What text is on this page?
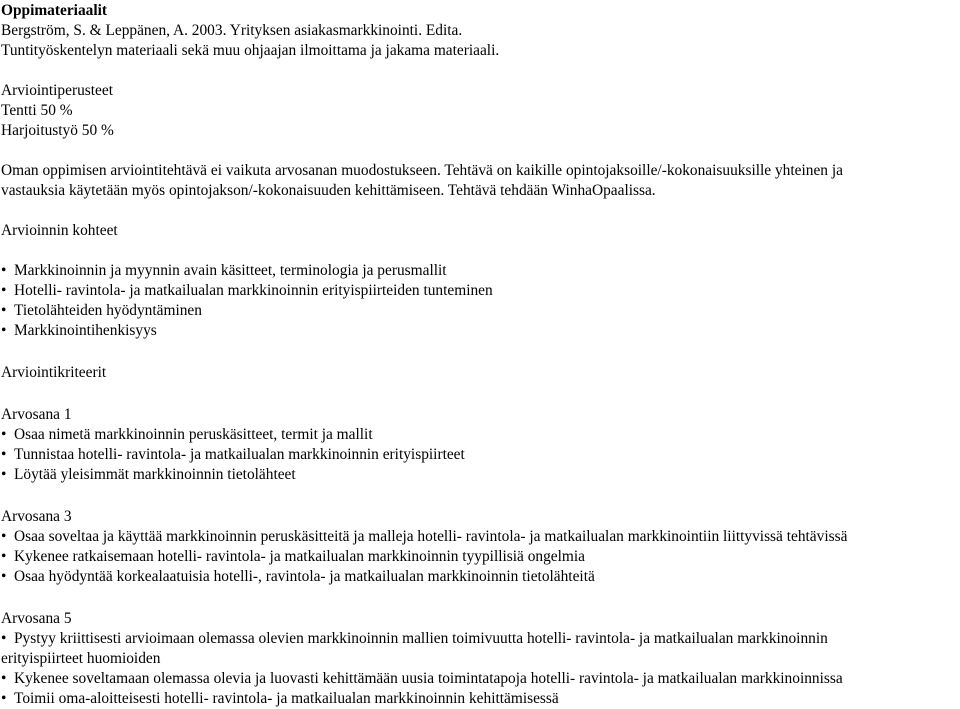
Oppimateriaalit
Bergström, S. & Leppänen, A. 2003. Yrityksen asiakasmarkkinointi. Edita.
Tuntityöskentelyn materiaali sekä muu ohjaajan ilmoittama ja jakama materiaali.
Arviointiperusteet
Tentti 50 %
Harjoitustyö 50 %
Oman oppimisen arviointitehtävä ei vaikuta arvosanan muodostukseen. Tehtävä on kaikille opintojaksoille/-kokonaisuuksille yhteinen ja
vastauksia käytetään myös opintojakson/-kokonaisuuden kehittämiseen. Tehtävä tehdään WinhaOpaalissa.
Arvioinnin kohteet
• Markkinoinnin ja myynnin avain käsitteet, terminologia ja perusmallit
• Hotelli- ravintola- ja matkailualan markkinoinnin erityispiirteiden tunteminen
• Tietolähteiden hyödyntäminen
• Markkinointihenkisyys
Arviointikriteerit
Arvosana 1
• Osaa nimetä markkinoinnin peruskäsitteet, termit ja mallit
• Tunnistaa hotelli- ravintola- ja matkailualan markkinoinnin erityispiirteet
• Löytää yleisimmät markkinoinnin tietolähteet
Arvosana 3
• Osaa soveltaa ja käyttää markkinoinnin peruskäsitteitä ja malleja hotelli- ravintola- ja matkailualan markkinointiin liittyvissä tehtävissä
• Kykenee ratkaisemaan hotelli- ravintola- ja matkailualan markkinoinnin tyypillisiä ongelmia
• Osaa hyödyntää korkealaatuisia hotelli-, ravintola- ja matkailualan markkinoinnin tietolähteitä
Arvosana 5
• Pystyy kriittisesti arvioimaan olemassa olevien markkinoinnin mallien toimivuutta hotelli- ravintola- ja matkailualan markkinoinnin
erityispiirteet huomioiden
• Kykenee soveltamaan olemassa olevia ja luovasti kehittämään uusia toimintatapoja hotelli- ravintola- ja matkailualan markkinoinnissa
• Toimii oma-aloitteisesti hotelli- ravintola- ja matkailualan markkinoinnin kehittämisessä
